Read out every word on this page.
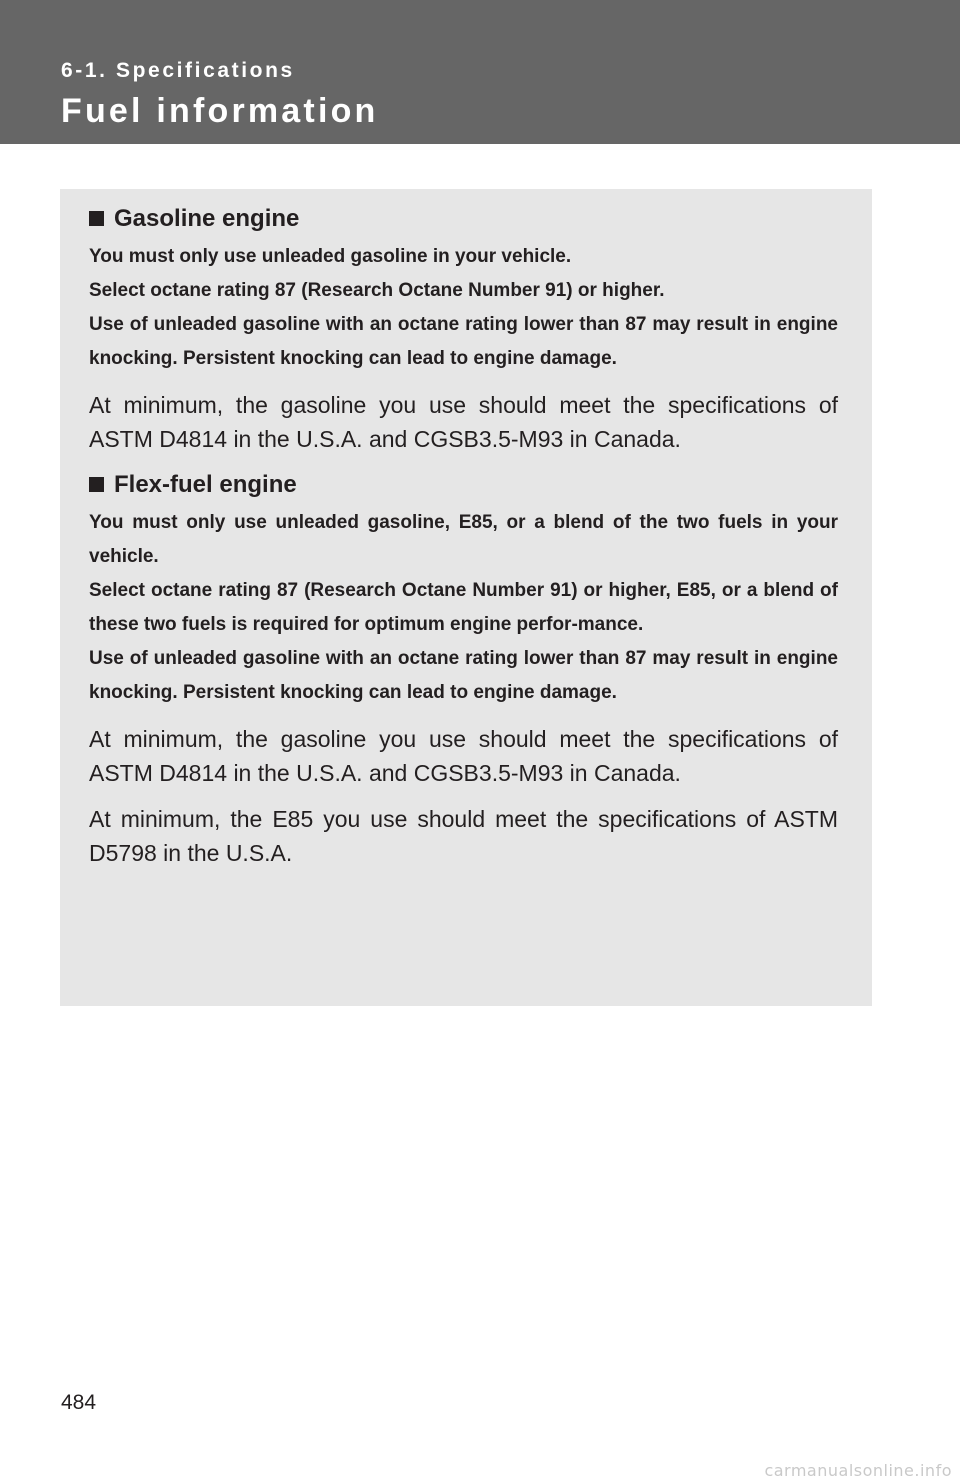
6-1. Specifications
Fuel information
Gasoline engine

You must only use unleaded gasoline in your vehicle.

Select octane rating 87 (Research Octane Number 91) or higher.

Use of unleaded gasoline with an octane rating lower than 87 may result in engine knocking. Persistent knocking can lead to engine damage.

At minimum, the gasoline you use should meet the specifications of ASTM D4814 in the U.S.A. and CGSB3.5-M93 in Canada.

Flex-fuel engine

You must only use unleaded gasoline, E85, or a blend of the two fuels in your vehicle.

Select octane rating 87 (Research Octane Number 91) or higher, E85, or a blend of these two fuels is required for optimum engine perfor-mance.

Use of unleaded gasoline with an octane rating lower than 87 may result in engine knocking. Persistent knocking can lead to engine damage.

At minimum, the gasoline you use should meet the specifications of ASTM D4814 in the U.S.A. and CGSB3.5-M93 in Canada.

At minimum, the E85 you use should meet the specifications of ASTM D5798 in the U.S.A.

484
carmanualsonline.info
